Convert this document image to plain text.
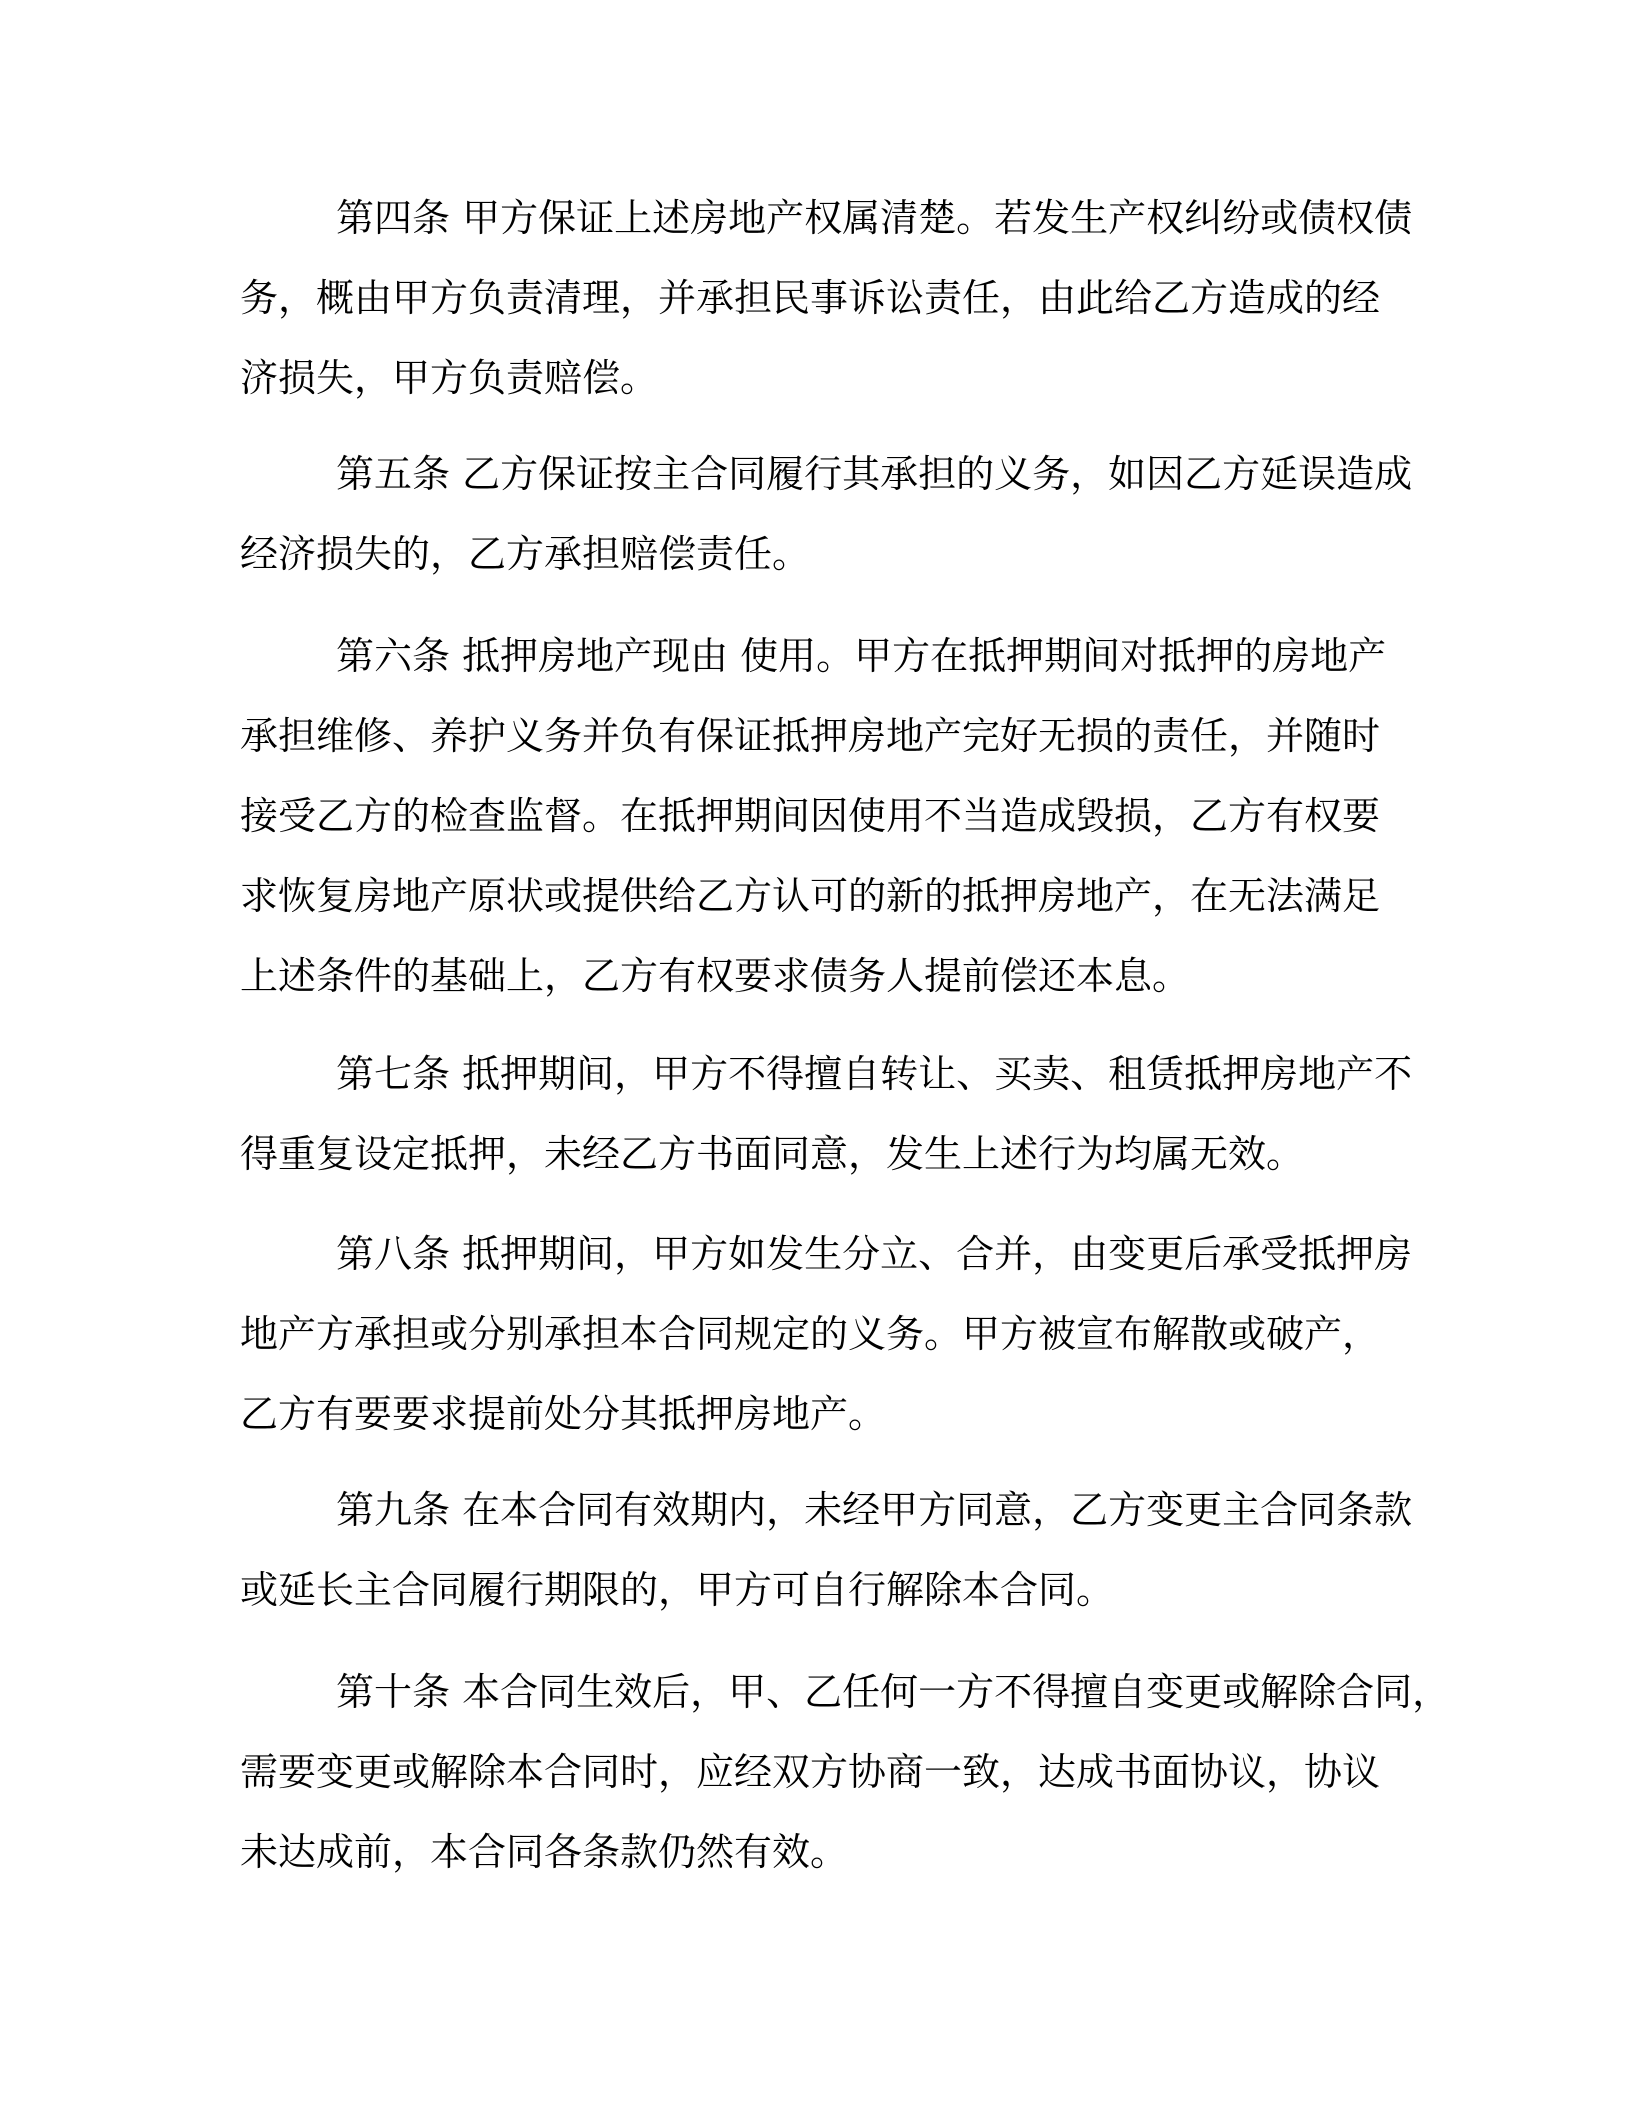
第四条 甲方保证上述房地产权属清楚。若发生产权纠纷或债权债
务，概由甲方负责清理，并承担民事诉讼责任，由此给乙方造成的经
济损失，甲方负责赔偿。
第五条 乙方保证按主合同履行其承担的义务，如因乙方延误造成
经济损失的，乙方承担赔偿责任。
第六条 抵押房地产现由 使用。甲方在抵押期间对抵押的房地产
承担维修、养护义务并负有保证抵押房地产完好无损的责任，并随时
接受乙方的检查监督。在抵押期间因使用不当造成毁损，乙方有权要
求恢复房地产原状或提供给乙方认可的新的抵押房地产，在无法满足
上述条件的基础上，乙方有权要求债务人提前偿还本息。
第七条 抵押期间，甲方不得擅自转让、买卖、租赁抵押房地产不
得重复设定抵押，未经乙方书面同意，发生上述行为均属无效。
第八条 抵押期间，甲方如发生分立、合并，由变更后承受抵押房
地产方承担或分别承担本合同规定的义务。甲方被宣布解散或破产，
乙方有要要求提前处分其抵押房地产。
第九条 在本合同有效期内，未经甲方同意，乙方变更主合同条款
或延长主合同履行期限的，甲方可自行解除本合同。
第十条 本合同生效后，甲、乙任何一方不得擅自变更或解除合同，
需要变更或解除本合同时，应经双方协商一致，达成书面协议，协议
未达成前，本合同各条款仍然有效。
